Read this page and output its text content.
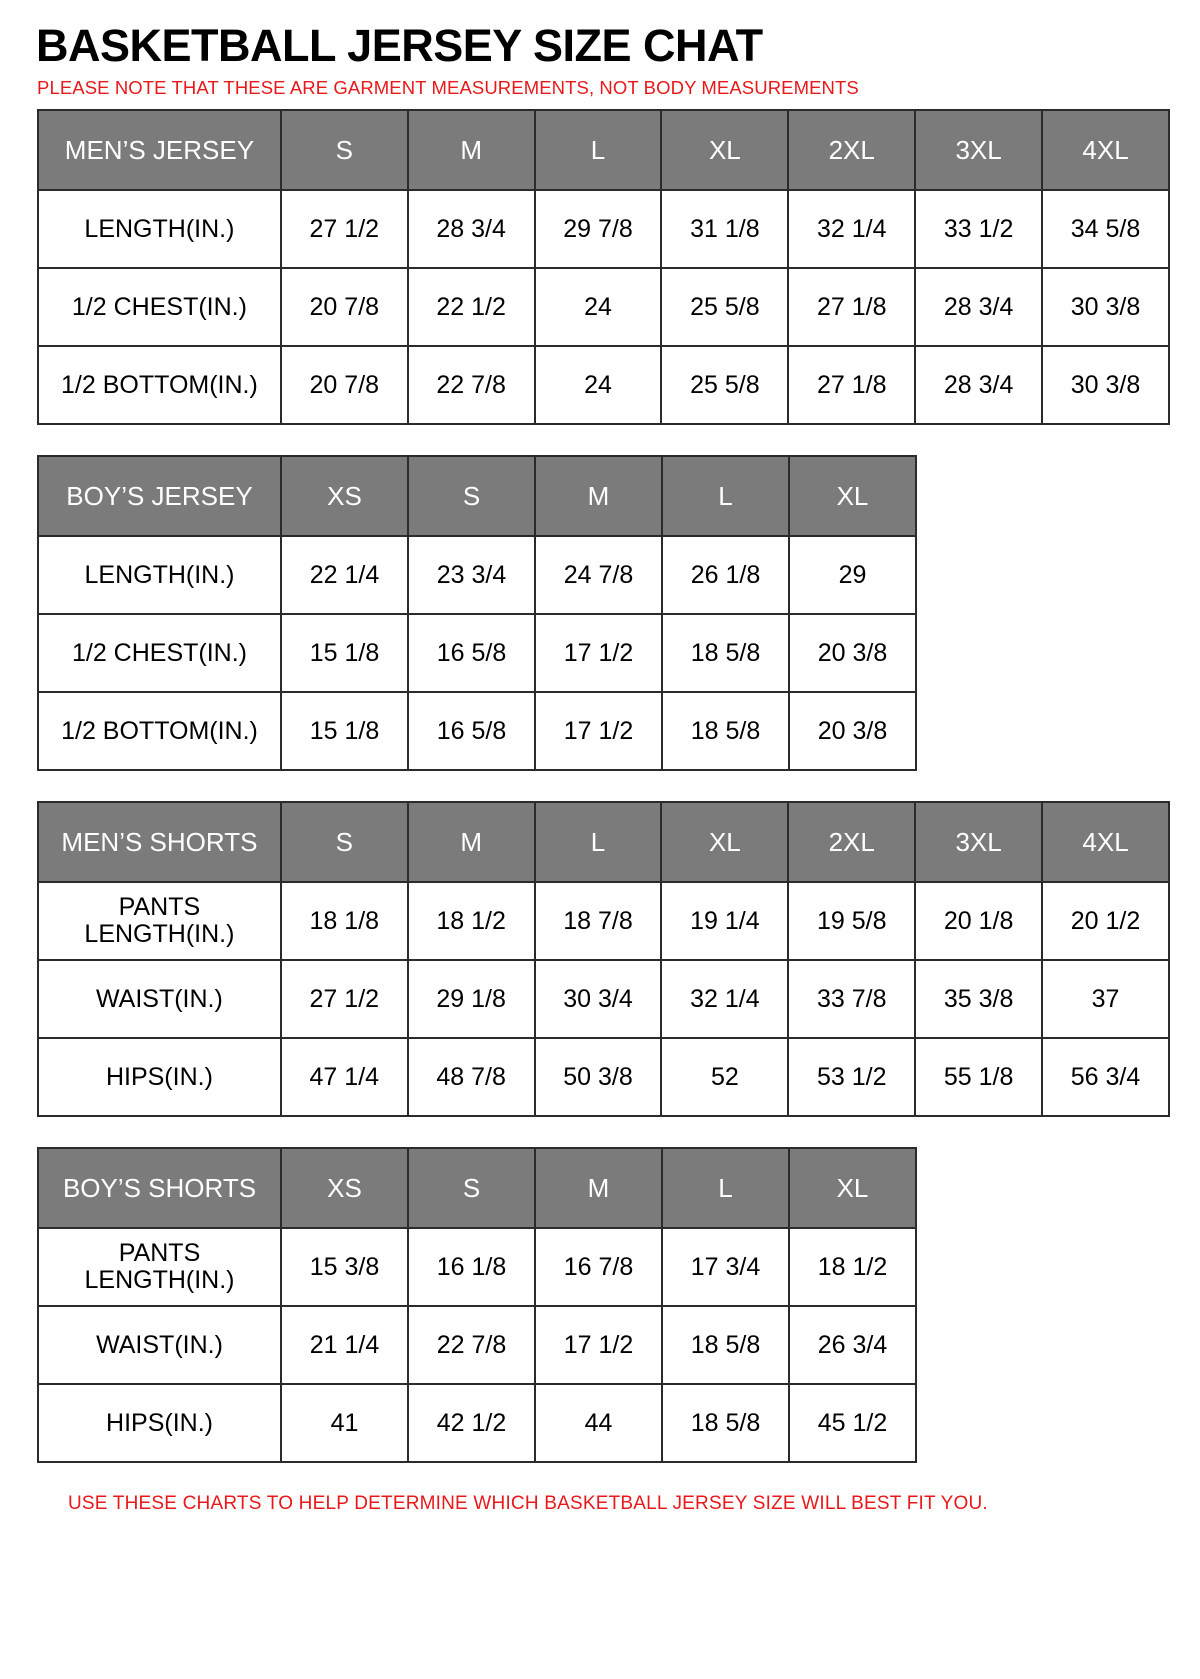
BASKETBALL JERSEY SIZE CHAT

PLEASE NOTE THAT THESE ARE GARMENT MEASUREMENTS, NOT BODY MEASUREMENTS

MEN’S JERSEY	S	M	L	XL	2XL	3XL	4XL
LENGTH(IN.)	27 1/2	28 3/4	29 7/8	31 1/8	32 1/4	33 1/2	34 5/8
1/2 CHEST(IN.)	20 7/8	22 1/2	24	25 5/8	27 1/8	28 3/4	30 3/8
1/2 BOTTOM(IN.)	20 7/8	22 7/8	24	25 5/8	27 1/8	28 3/4	30 3/8
BOY’S JERSEY	XS	S	M	L	XL
LENGTH(IN.)	22 1/4	23 3/4	24 7/8	26 1/8	29
1/2 CHEST(IN.)	15 1/8	16 5/8	17 1/2	18 5/8	20 3/8
1/2 BOTTOM(IN.)	15 1/8	16 5/8	17 1/2	18 5/8	20 3/8
MEN’S SHORTS	S	M	L	XL	2XL	3XL	4XL
PANTS
LENGTH(IN.)	18 1/8	18 1/2	18 7/8	19 1/4	19 5/8	20 1/8	20 1/2
WAIST(IN.)	27 1/2	29 1/8	30 3/4	32 1/4	33 7/8	35 3/8	37
HIPS(IN.)	47 1/4	48 7/8	50 3/8	52	53 1/2	55 1/8	56 3/4
BOY’S SHORTS	XS	S	M	L	XL
PANTS
LENGTH(IN.)	15 3/8	16 1/8	16 7/8	17 3/4	18 1/2
WAIST(IN.)	21 1/4	22 7/8	17 1/2	18 5/8	26 3/4
HIPS(IN.)	41	42 1/2	44	18 5/8	45 1/2

USE THESE CHARTS TO HELP DETERMINE WHICH BASKETBALL JERSEY SIZE WILL BEST FIT YOU.
